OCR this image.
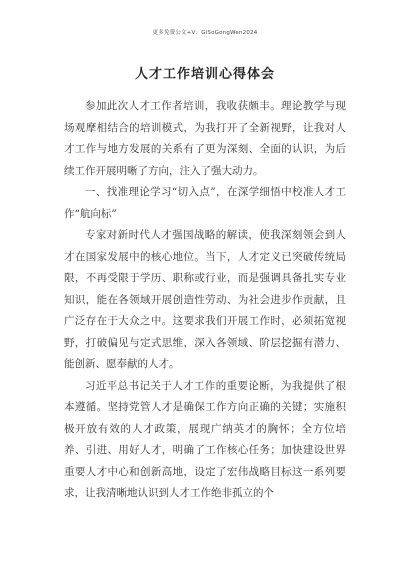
更多免费公文+V：GiSoGongWen2024
人才工作培训心得体会

参加此次人才工作者培训，我收获颇丰。理论教学与现场观摩相结合的培训模式，为我打开了全新视野，让我对人才工作与地方发展的关系有了更为深刻、全面的认识，为后续工作开展明晰了方向，注入了强大动力。

一、找准理论学习“切入点”，在深学细悟中校准人才工作“航向标”

专家对新时代人才强国战略的解读，使我深刻领会到人才在国家发展中的核心地位。当下，人才定义已突破传统局限，不再受限于学历、职称或行业，而是强调具备扎实专业知识，能在各领域开展创造性劳动、为社会进步作贡献，且广泛存在于大众之中。这要求我们开展工作时，必须拓宽视野，打破偏见与定式思维，深入各领域、阶层挖掘有潜力、能创新、愿奉献的人才。

习近平总书记关于人才工作的重要论断，为我提供了根本遵循。坚持党管人才是确保工作方向正确的关键；实施积极开放有效的人才政策，展现广纳英才的胸怀；全方位培养、引进、用好人才，明确了工作核心任务；加快建设世界重要人才中心和创新高地，设定了宏伟战略目标这一系列要求，让我清晰地认识到人才工作绝非孤立的个
